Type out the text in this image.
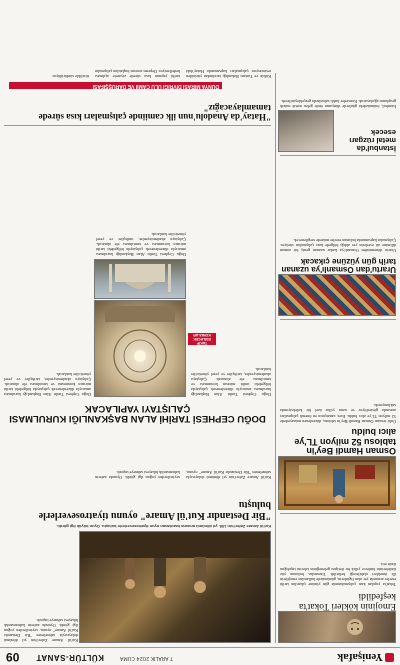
Yenişafak
7 ARALIK 2024 CUMA
KÜLTÜR-SANAT
09
Emojinin kökleri Tokat'ta keşfedildi
Tokat'ta yapılan kazı çalışmalarında gün yüzüne çıkarılan tarihi eserler arasında yer alan figürlerin, günümüzde kullanılan emojilerin ilk örnekleri olabileceği belirtildi. Uzmanlar, bulunan yüz ifadelerinin binlerce yıllık bir iletişim geleneğinin izlerini taşıdığını ifade etti.
Osman Hamdi Bey'in tablosu 52 milyon TL'ye alıcı buldu
Ünlü ressam Osman Hamdi Bey'in tablosu, düzenlenen müzayedede 52 milyon TL'ye alıcı buldu. Eser, sanatçının en önemli çalışmaları arasında gösteriliyor ve uzun yıllar özel bir koleksiyonda saklanıyordu.
Urartu'dan Osmanlı'ya uzanan tarih gün yüzüne çıkacak
Urartu döneminden Osmanlı'ya kadar uzanan geniş bir zaman dilimine ait eserlerin yer aldığı bölgede kazı çalışmaları sürüyor. Çalışmalar kapsamında bulunan eserler müzede sergilenecek.
İstanbul'da metal rüzgarı esecek
İstanbul, önümüzdeki günlerde dünyanın önde gelen metal müzik gruplarını ağırlayacak. Konserler farklı salonlarda gerçekleştirilecek.
DOĞU CEPHESİ TARİHİ ALAN BAŞKANLIĞI KURULMASI ÇALIŞTAYI YAPILACAK
TAKİP EDİLECEK KONULAR
Doğu Cephesi Tarihi Alan Başkanlığı kurulması amacıyla düzenlenecek çalıştayda bölgedeki tarihi mirasın korunması ve tanıtılması ele alınacak. Çalıştaya akademisyenler, tarihçiler ve yerel yöneticiler katılacak.
Doğu Cephesi Tarihi Alan Başkanlığı kurulması amacıyla düzenlenecek çalıştayda bölgedeki tarihi mirasın korunması ve tanıtılması ele alınacak. Çalıştaya akademisyenler, tarihçiler ve yerel yöneticiler katılacak.
Doğu Cephesi Tarihi Alan Başkanlığı kurulması amacıyla düzenlenecek çalıştayda bölgedeki tarihi mirasın korunması ve tanıtılması ele alınacak. Çalıştaya akademisyenler, tarihçiler ve yerel yöneticiler katılacak.
"Hatay'da Anadolu'nun ilk camiinde çalışmaları kısa sürede tamamlayacağız"
DÜNYA MİRASI DİVRİĞİ ULU CAMİİ VE DARÜŞŞİFASI
Kültür ve Turizm Bakanlığı tarafından yürütülen restorasyon çalışmaları kapsamında Hatay'daki tarihi yapının kısa sürede ziyarete açılması hedefleniyor. Deprem sonrası başlatılan çalışmalar titizlikle sürdürülüyor.
Kut'ül Amare Zaferi'nin yıl dönümü dolayısıyla sahnelenen "Bir Destandır Kut'ül Amare" oyunu, seyircilerden yoğun ilgi gördü. Oyunda zaferin kahramanlık hikayesi sahneye taşındı.
Kut'ül Amare Zaferi'nin 108. yıl dönümü anısına hazırlanan oyun tiyatroseverlerle buluştu. Oyun büyük ilgi gördü.
"Bir Destandır Kut'ül Amare" oyunu tiyatroseverlerle buluştu
Kut'ül Amare Zaferi'nin yıl dönümü dolayısıyla sahnelenen "Bir Destandır Kut'ül Amare" oyunu, seyircilerden yoğun ilgi gördü. Oyunda zaferin kahramanlık hikayesi sahneye taşındı.
